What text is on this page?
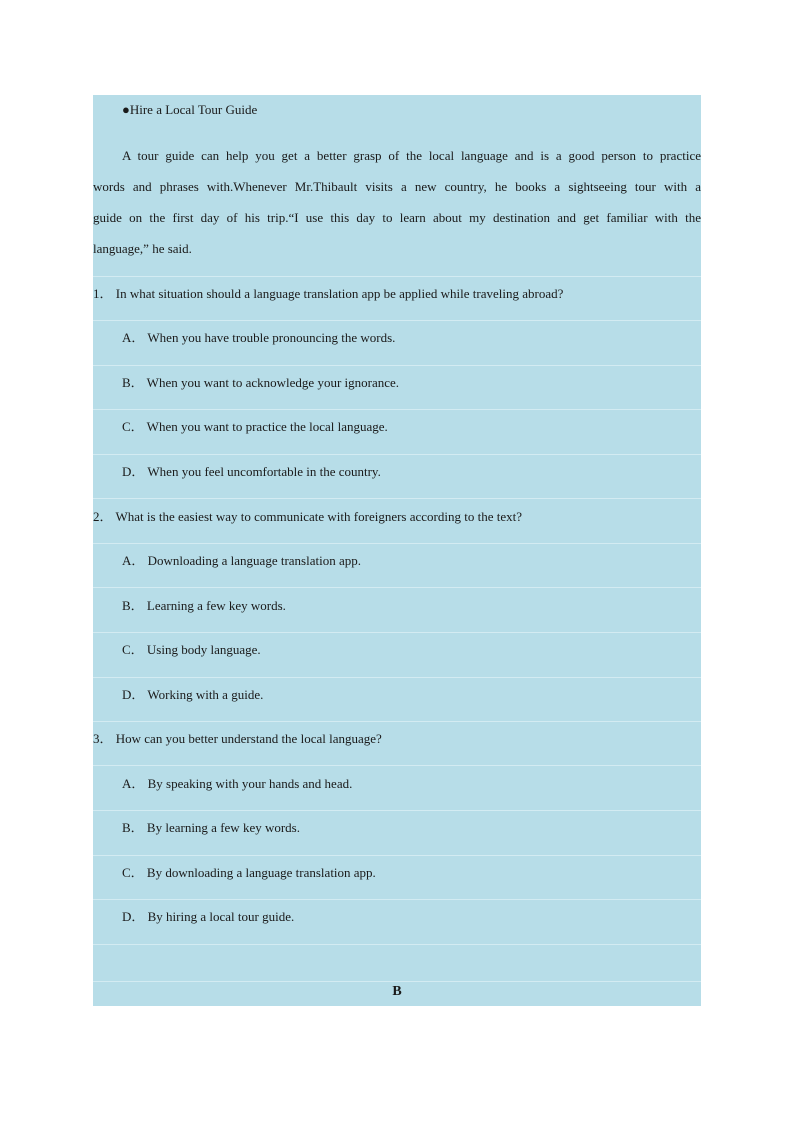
●Hire a Local Tour Guide
A tour guide can help you get a better grasp of the local language and is a good person to practice
words and phrases with.Whenever Mr.Thibault visits a new country, he books a sightseeing tour with a
guide on the first day of his trip.“I use this day to learn about my destination and get familiar with the
language,” he said.
1． In what situation should a language translation app be applied while traveling abroad?
A． When you have trouble pronouncing the words.
B． When you want to acknowledge your ignorance.
C． When you want to practice the local language.
D． When you feel uncomfortable in the country.
2． What is the easiest way to communicate with foreigners according to the text?
A． Downloading a language translation app.
B． Learning a few key words.
C． Using body language.
D． Working with a guide.
3． How can you better understand the local language?
A． By speaking with your hands and head.
B． By learning a few key words.
C． By downloading a language translation app.
D． By hiring a local tour guide.
B
